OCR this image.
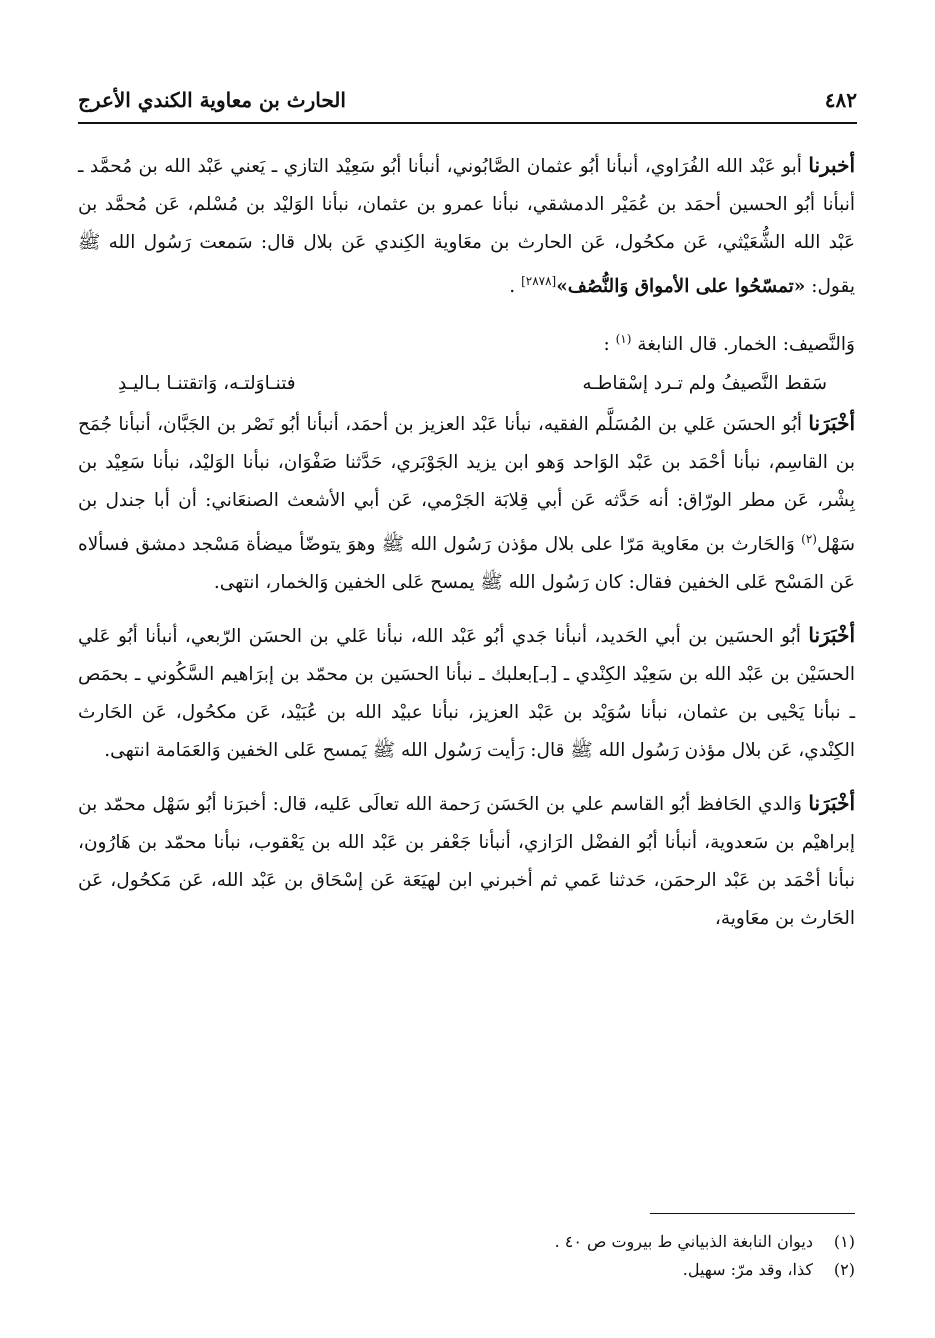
٤٨٢
الحارث بن معاوية الكندي الأعرج

أخبرنا أبو عَبْد الله الفُرَاوي، أنبأنا أبُو عثمان الصَّابُوني، أنبأنا أبُو سَعِيْد التازي ـ يَعني عَبْد الله بن مُحمَّد ـ أنبأنا أبُو الحسين أحمَد بن عُمَيْر الدمشقي، نبأنا عمرو بن عثمان، نبأنا الوَليْد بن مُسْلم، عَن مُحمَّد بن عَبْد الله الشُّعَيْثي، عَن مكحُول، عَن الحارث بن معَاوية الكِندي عَن بلال قال: سَمعت رَسُول الله ﷺ يقول: «تمسّحُوا على الأمواق وَالنُّصُف»[٢٨٧٨] .

وَالنَّصيف: الخمار. قال النابغة $^{(١)}$ :

سَقط النَّصيفُ ولم تـرد إسْقاطـه
فتنـاوَلتـه، وَاتقتنـا بـاليـدِ

أخْبَرَنا أبُو الحسَن عَلي بن المُسَلَّم الفقيه، نبأنا عَبْد العزيز بن أحمَد، أنبأنا أبُو نَصْر بن الجَبَّان، أنبأنا جُمَح بن القاسِم، نبأنا أحْمَد بن عَبْد الوَاحد وَهو ابن يزيد الجَوْبَري، حَدَّثنا صَفْوَان، نبأنا الوَليْد، نبأنا سَعِيْد بن بِشْر، عَن مطر الورّاق: أنه حَدَّثه عَن أبي قِلابَة الجَرْمي، عَن أبي الأشعث الصنعَاني: أن أبا جندل بن سَهْل$^{(٢)}$ وَالحَارث بن معَاوية مَرّا على بلال مؤذن رَسُول الله ﷺ وهوَ يتوضّأ ميضأة مَسْجد دمشق فسألاه عَن المَسْح عَلى الخفين فقال: كان رَسُول الله ﷺ يمسح عَلى الخفين وَالخمار، انتهى.

أخْبَرَنا أبُو الحسَين بن أبي الحَديد، أنبأنا جَدي أبُو عَبْد الله، نبأنا عَلي بن الحسَن الرّبعي، أنبأنا أبُو عَلي الحسَيْن بن عَبْد الله بن سَعِيْد الكِنْدي ـ [بـ]بعلبك ـ نبأنا الحسَين بن محمّد بن إبرَاهيم السَّكُوني ـ بحمَص ـ نبأنا يَحْيى بن عثمان، نبأنا سُوَيْد بن عَبْد العزيز، نبأنا عبيْد الله بن عُبَيْد، عَن مكحُول، عَن الحَارث الكِنْدي، عَن بلال مؤذن رَسُول الله ﷺ قال: رَأيت رَسُول الله ﷺ يَمسح عَلى الخفين وَالعَمَامة انتهى.

أخْبَرَنا وَالدي الحَافظ أبُو القاسم علي بن الحَسَن رَحمة الله تعالَى عَليه، قال: أخبرَنا أبُو سَهْل محمّد بن إبراهيْم بن سَعدوية، أنبأنا أبُو الفضْل الرَازي، أنبأنا جَعْفر بن عَبْد الله بن يَعْقوب، نبأنا محمّد بن هَارُون، نبأنا أحْمَد بن عَبْد الرحمَن، حَدثنا عَمي ثم أخبرني ابن لهيَعَة عَن إسْحَاق بن عَبْد الله، عَن مَكحُول، عَن الحَارث بن معَاوية،

(١)
ديوان النابغة الذبياني ط بيروت ص ٤٠ .
(٢)
كذا، وقد مرّ: سهيل.
